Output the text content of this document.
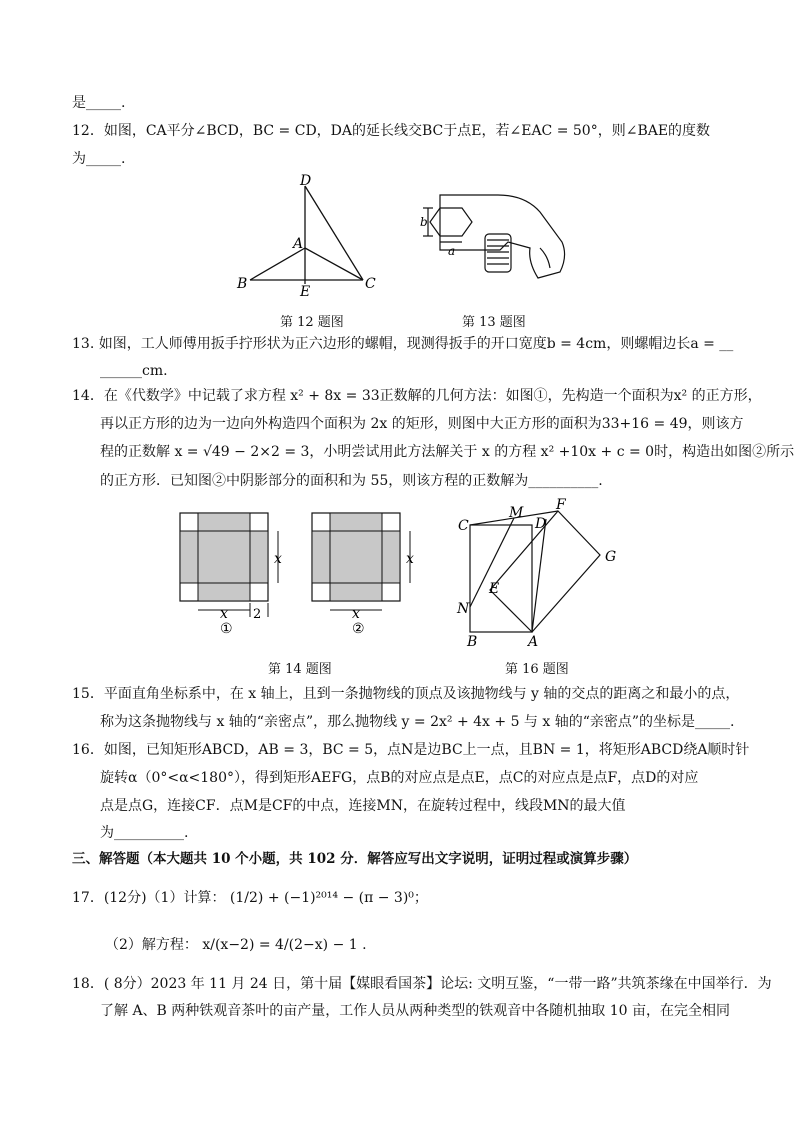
是_____.
12．如图，CA平分∠BCD，BC = CD，DA的延长线交BC于点E，若∠EAC = 50°，则∠BAE的度数
为_____.
D
A
B	E	C
b
a
第 12 题图	第 13 题图
13. 如图，工人师傅用扳手拧形状为正六边形的螺帽，现测得扳手的开口宽度b = 4cm，则螺帽边长a = __
______cm.
14．在《代数学》中记载了求方程 x² + 8x = 33正数解的几何方法：如图①，先构造一个面积为x² 的正方形，
再以正方形的边为一边向外构造四个面积为 2x 的矩形，则图中大正方形的面积为33+16 = 49，则该方
程的正数解 x = √49 − 2×2 = 3，小明尝试用此方法解关于 x 的方程 x² +10x + c = 0时，构造出如图②所示
的正方形．已知图②中阴影部分的面积和为 55，则该方程的正数解为__________.
x
x 2
①
x
x
②
C
M
D
F
G
E
N
B	A
第 14 题图	第 16 题图
15．平面直角坐标系中，在 x 轴上，且到一条抛物线的顶点及该抛物线与 y 轴的交点的距离之和最小的点，
称为这条抛物线与 x 轴的“亲密点”，那么抛物线 y = 2x² + 4x + 5 与 x 轴的“亲密点”的坐标是_____.
16．如图，已知矩形ABCD，AB = 3，BC = 5，点N是边BC上一点，且BN = 1，将矩形ABCD绕A顺时针
旋转α（0°<α<180°），得到矩形AEFG，点B的对应点是点E，点C的对应点是点F，点D的对应
点是点G，连接CF．点M是CF的中点，连接MN，在旋转过程中，线段MN的最大值
为__________.
三、解答题（本大题共 10 个小题，共 102 分．解答应写出文字说明，证明过程或演算步骤）
17．(12分)（1）计算： (1/2) + (−1)²⁰¹⁴ − (π − 3)⁰；
（2）解方程： x/(x−2) = 4/(2−x) − 1 .
18．( 8分）2023 年 11 月 24 日，第十届【媒眼看国茶】论坛: 文明互鉴，“一带一路”共筑茶缘在中国举行．为
了解 A、B 两种铁观音茶叶的亩产量，工作人员从两种类型的铁观音中各随机抽取 10 亩，在完全相同
